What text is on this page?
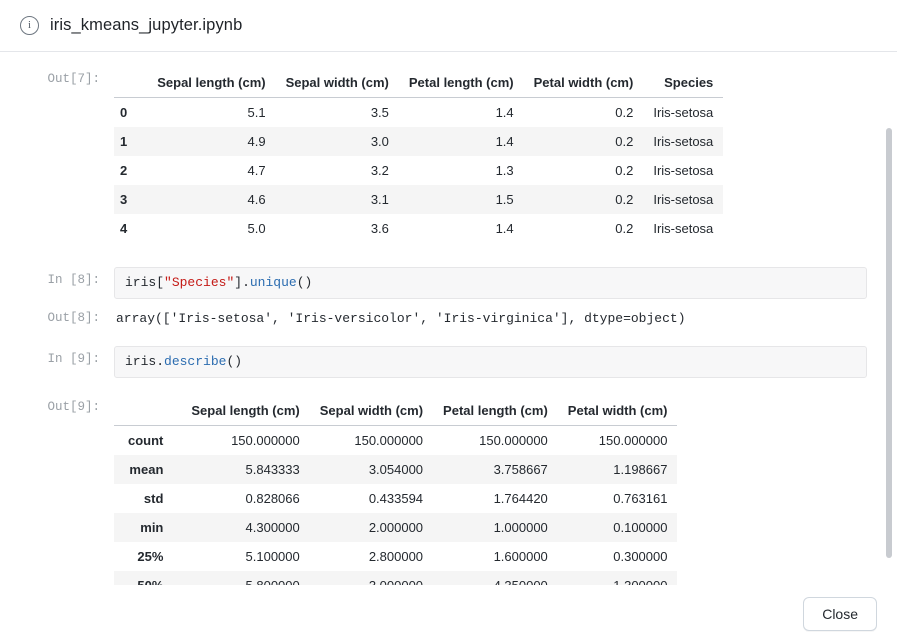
i	iris_kmeans_jupyter.ipynb
Out[7]:
		Sepal length (cm)	Sepal width (cm)	Petal length (cm)	Petal width (cm)	Species
0	5.1	3.5	1.4	0.2	Iris-setosa
1	4.9	3.0	1.4	0.2	Iris-setosa
2	4.7	3.2	1.3	0.2	Iris-setosa
3	4.6	3.1	1.5	0.2	Iris-setosa
4	5.0	3.6	1.4	0.2	Iris-setosa
In [8]:	iris["Species"].unique()
Out[8]:	array(['Iris-setosa', 'Iris-versicolor', 'Iris-virginica'], dtype=object)
In [9]:	iris.describe()
Out[9]:
		Sepal length (cm)	Sepal width (cm)	Petal length (cm)	Petal width (cm)
count	150.000000	150.000000	150.000000	150.000000
mean	5.843333	3.054000	3.758667	1.198667
std	0.828066	0.433594	1.764420	0.763161
min	4.300000	2.000000	1.000000	0.100000
25%	5.100000	2.800000	1.600000	0.300000

Close
